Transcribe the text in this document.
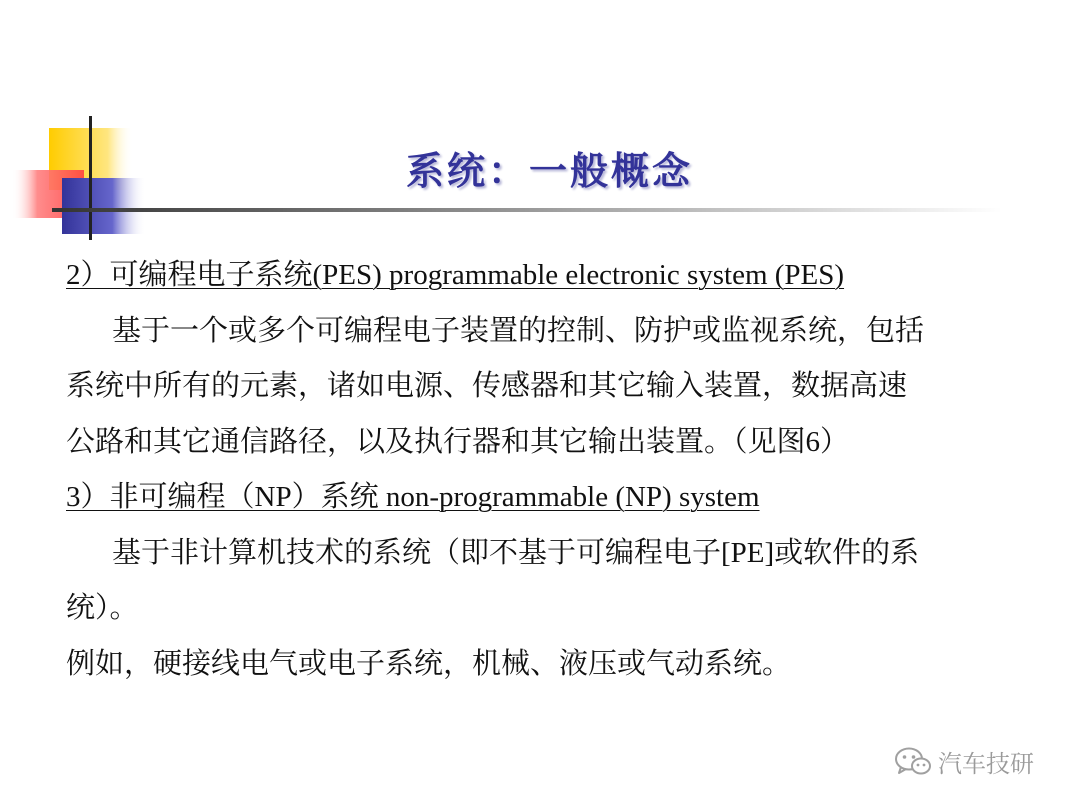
系统：一般概念
2）可编程电子系统(PES) programmable electronic system (PES)
基于一个或多个可编程电子装置的控制、防护或监视系统，包括
系统中所有的元素，诸如电源、传感器和其它输入装置，数据高速
公路和其它通信路径，以及执行器和其它输出装置。（见图6）
3）非可编程（NP）系统 non-programmable (NP) system
基于非计算机技术的系统（即不基于可编程电子[PE]或软件的系
统）。
例如，硬接线电气或电子系统，机械、液压或气动系统。
汽车技研
